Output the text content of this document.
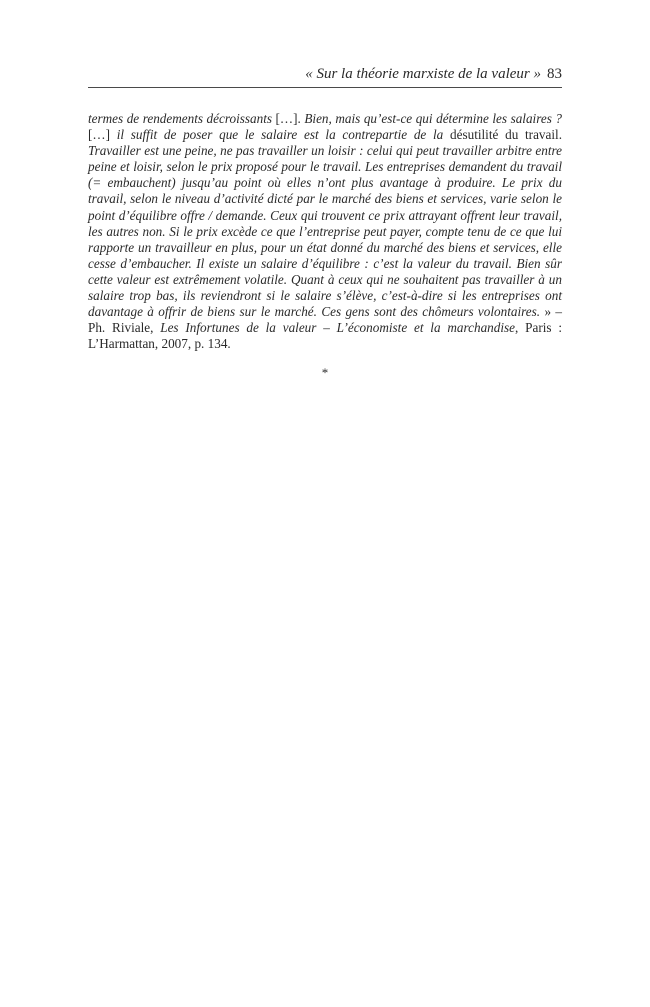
« Sur la théorie marxiste de la valeur » 83

termes de rendements décroissants […]. Bien, mais qu’est-ce qui détermine les salaires ? […] il suffit de poser que le salaire est la contrepartie de la désutilité du travail. Travailler est une peine, ne pas travailler un loisir : celui qui peut travailler arbitre entre peine et loisir, selon le prix proposé pour le travail. Les entreprises demandent du travail (= embauchent) jusqu’au point où elles n’ont plus avantage à produire. Le prix du travail, selon le niveau d’activité dicté par le marché des biens et services, varie selon le point d’équilibre offre / demande. Ceux qui trouvent ce prix attrayant offrent leur travail, les autres non. Si le prix excède ce que l’entreprise peut payer, compte tenu de ce que lui rapporte un travailleur en plus, pour un état donné du marché des biens et services, elle cesse d’embaucher. Il existe un salaire d’équilibre : c’est la valeur du travail. Bien sûr cette valeur est extrêmement volatile. Quant à ceux qui ne souhaitent pas travailler à un salaire trop bas, ils reviendront si le salaire s’élève, c’est-à-dire si les entreprises ont davantage à offrir de biens sur le marché. Ces gens sont des chômeurs volontaires. » – Ph. Riviale, Les Infortunes de la valeur – L’économiste et la marchandise, Paris : L’Harmattan, 2007, p. 134.

*
